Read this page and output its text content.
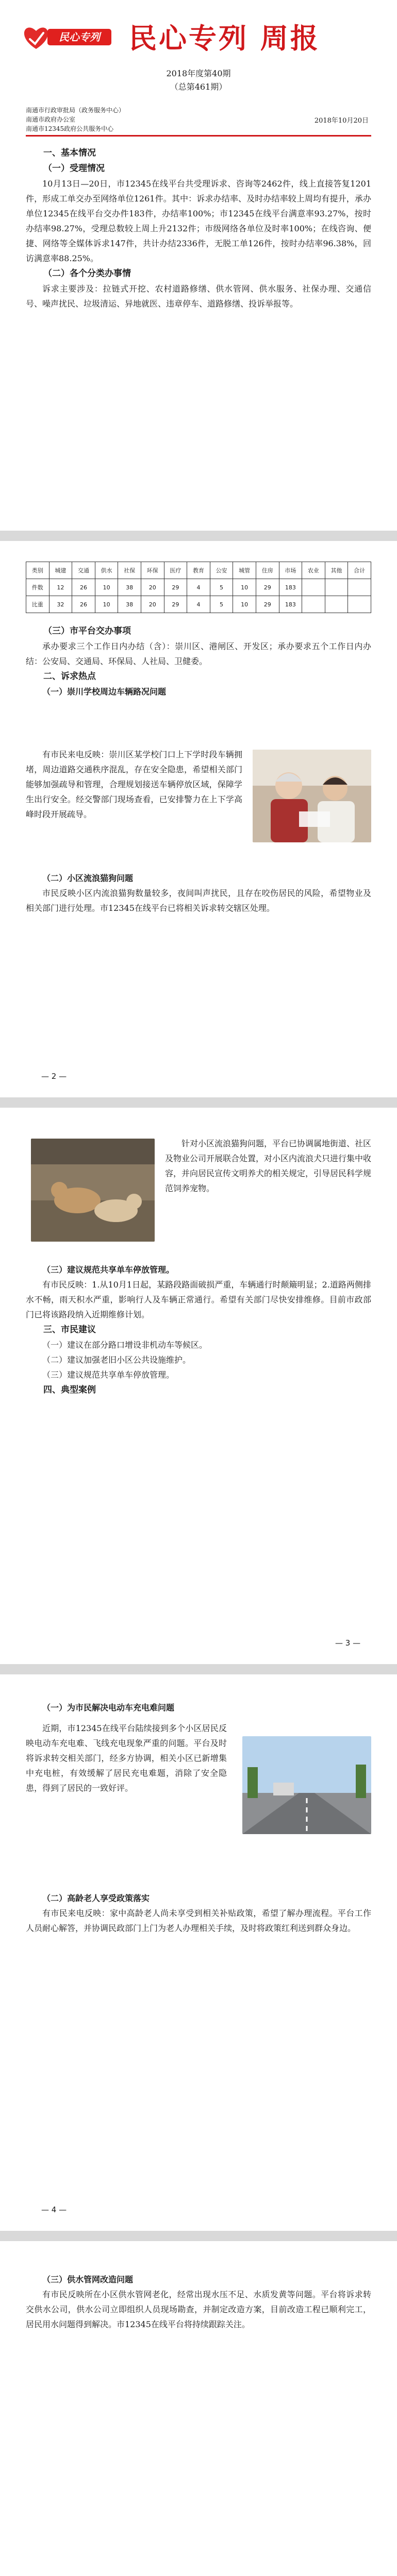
民心专列 民心专列 周报
2018年度第40期
（总第461期）
南通市行政审批局（政务服务中心）
南通市政府办公室
南通市12345政府公共服务中心
2018年10月20日
一、基本情况
（一）受理情况

10月13日—20日，市12345在线平台共受理诉求、咨询等2462件，线上直接答复1201件，形成工单交办至网络单位1261件。其中：诉求办结率、及时办结率较上周均有提升，承办单位12345在线平台交办件183件，办结率100%；市12345在线平台满意率93.27%，按时办结率98.27%，受理总数较上周上升2132件；市级网络各单位及时率100%；在线咨询、便捷、网络等全媒体诉求147件，共计办结2336件，无脱工单126件，按时办结率96.38%，回访满意率88.25%。

（二）各个分类办事情

诉求主要涉及：拉链式开挖、农村道路修缮、供水管网、供水服务、社保办理、交通信号、噪声扰民、垃圾清运、异地就医、违章停车、道路修缮、投诉举报等。

类别	城建	交通	供水	社保	环保	医疗	教育	公安	城管	住房	市场	农业	其他	合计
件数	12	26	10	38	20	29	4	5	10	29	183			
比重	32	26	10	38	20	29	4	5	10	29	183			
（三）市平台交办事项

承办要求三个工作日内办结（含）：崇川区、港闸区、开发区；承办要求五个工作日内办结：公安局、交通局、环保局、人社局、卫健委。

二、诉求热点

（一）崇川学校周边车辆路况问题

有市民来电反映：崇川区某学校门口上下学时段车辆拥堵，周边道路交通秩序混乱，存在安全隐患，希望相关部门能够加强疏导和管理，合理规划接送车辆停放区域，保障学生出行安全。经交警部门现场查看，已安排警力在上下学高峰时段开展疏导。

（二）小区流浪猫狗问题

市民反映小区内流浪猫狗数量较多，夜间叫声扰民，且存在咬伤居民的风险，希望物业及相关部门进行处理。市12345在线平台已将相关诉求转交辖区处理。

— 2 —

针对小区流浪猫狗问题，平台已协调属地街道、社区及物业公司开展联合处置，对小区内流浪犬只进行集中收容，并向居民宣传文明养犬的相关规定，引导居民科学规范饲养宠物。

（三）建议规范共享单车停放管理。

有市民反映：1.从10月1日起，某路段路面破损严重，车辆通行时颠簸明显；2.道路两侧排水不畅，雨天积水严重，影响行人及车辆正常通行。希望有关部门尽快安排维修。目前市政部门已将该路段纳入近期维修计划。

三、市民建议

（一）建议在部分路口增设非机动车等候区。

（二）建议加强老旧小区公共设施维护。

（三）建议规范共享单车停放管理。

四、典型案例
— 3 —

（一）为市民解决电动车充电难问题

近期，市12345在线平台陆续接到多个小区居民反映电动车充电难、飞线充电现象严重的问题。平台及时将诉求转交相关部门，经多方协调，相关小区已新增集中充电桩，有效缓解了居民充电难题，消除了安全隐患，得到了居民的一致好评。

（二）高龄老人享受政策落实

有市民来电反映：家中高龄老人尚未享受到相关补贴政策，希望了解办理流程。平台工作人员耐心解答，并协调民政部门上门为老人办理相关手续，及时将政策红利送到群众身边。

— 4 —

（三）供水管网改造问题

有市民反映所在小区供水管网老化，经常出现水压不足、水质发黄等问题。平台将诉求转交供水公司，供水公司立即组织人员现场勘查，并制定改造方案，目前改造工程已顺利完工，居民用水问题得到解决。市12345在线平台将持续跟踪关注。
